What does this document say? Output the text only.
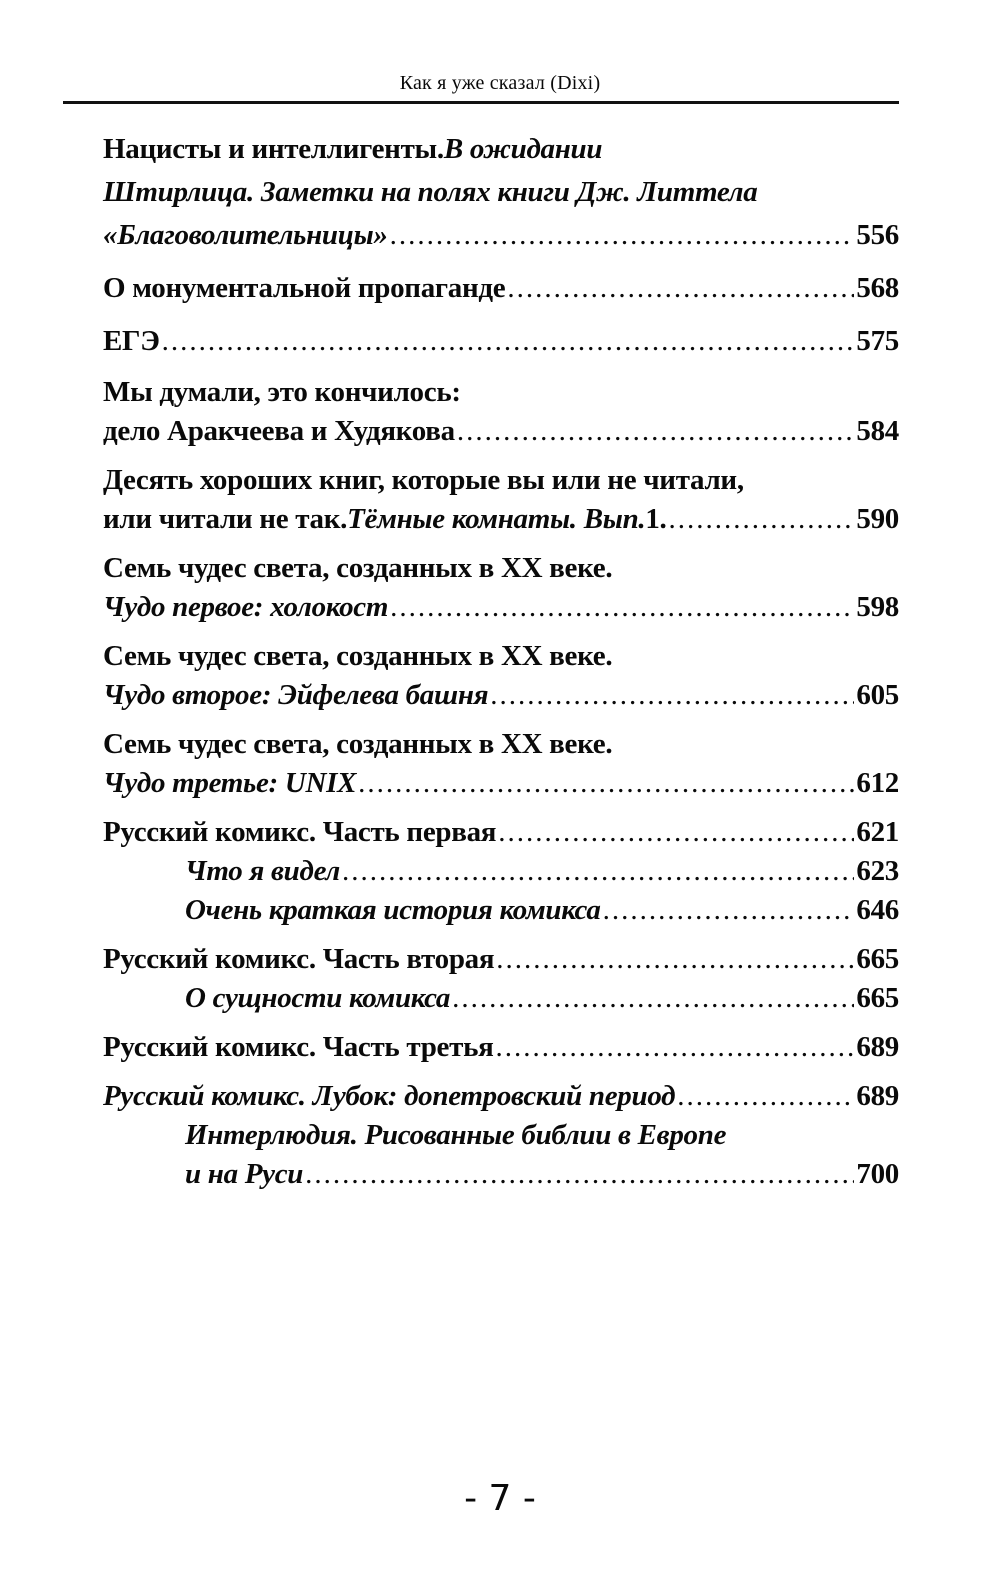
Как я уже сказал (Dixi)
Нацисты и интеллигенты. В ожидании
Штирлица. Заметки на полях книги Дж. Литтела
«Благоволительницы» .....	556
О монументальной пропаганде .....	568
ЕГЭ .....	575
Мы думали, это кончилось:
дело Аракчеева и Худякова .....	584
Десять хороших книг, которые вы или не читали,
или читали не так. Тёмные комнаты. Вып. 1. .....	590
Семь чудес света, созданных в XX веке.
Чудо первое: холокост .....	598
Семь чудес света, созданных в XX веке.
Чудо второе: Эйфелева башня .....	605
Семь чудес света, созданных в XX веке.
Чудо третье: UNIX .....	612
Русский комикс. Часть первая .....	621
Что я видел .....	623
Очень краткая история комикса .....	646
Русский комикс. Часть вторая .....	665
О сущности комикса .....	665
Русский комикс. Часть третья .....	689
Русский комикс. Лубок: допетровский период .....	689
Интерлюдия. Рисованные библии в Европе
и на Руси .....	700
- 7 -
